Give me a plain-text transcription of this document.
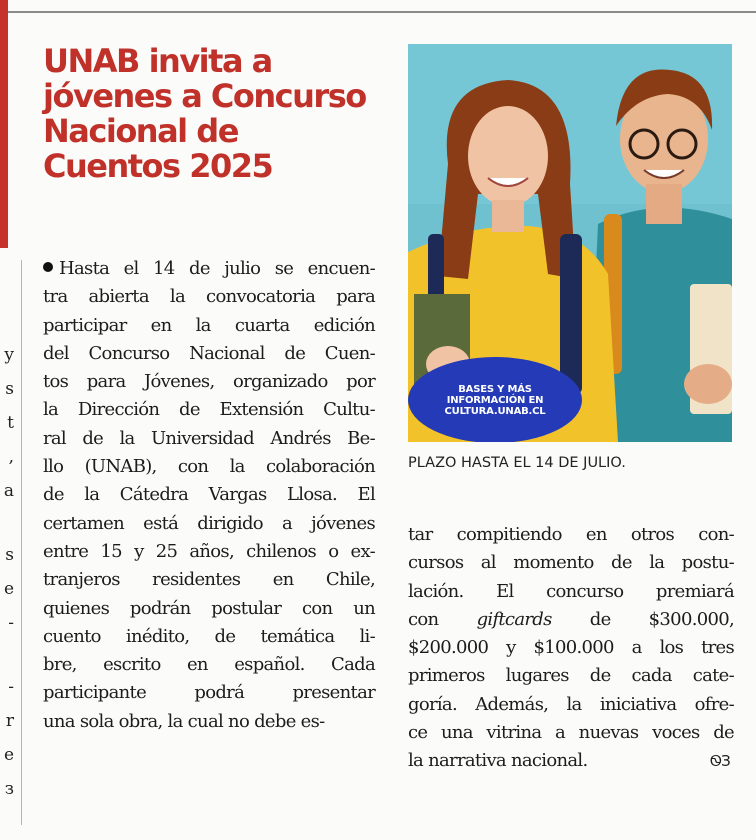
y
s
t
,
a
s
e
-
-
r
e
з
UNAB invita a
jóvenes a Concurso
Nacional de
Cuentos 2025
Hasta el 14 de julio se encuen-
tra abierta la convocatoria para
participar en la cuarta edición
del Concurso Nacional de Cuen-
tos para Jóvenes, organizado por
la Dirección de Extensión Cultu-
ral de la Universidad Andrés Be-
llo (UNAB), con la colaboración
de la Cátedra Vargas Llosa. El
certamen está dirigido a jóvenes
entre 15 y 25 años, chilenos o ex-
tranjeros residentes en Chile,
quienes podrán postular con un
cuento inédito, de temática li-
bre, escrito en español. Cada
participante podrá presentar
una sola obra, la cual no debe es-
BASES Y MÁS
INFORMACIÓN EN
CULTURA.UNAB.CL

PLAZO HASTA EL 14 DE JULIO.

tar compitiendo en otros con-
cursos al momento de la postu-
lación. El concurso premiará
con giftcards de $300.000,
$200.000 y $100.000 a los tres
primeros lugares de cada cate-
goría. Además, la iniciativa ofre-
ce una vitrina a nuevas voces de
la narrativa nacional.	ᏫЗ
